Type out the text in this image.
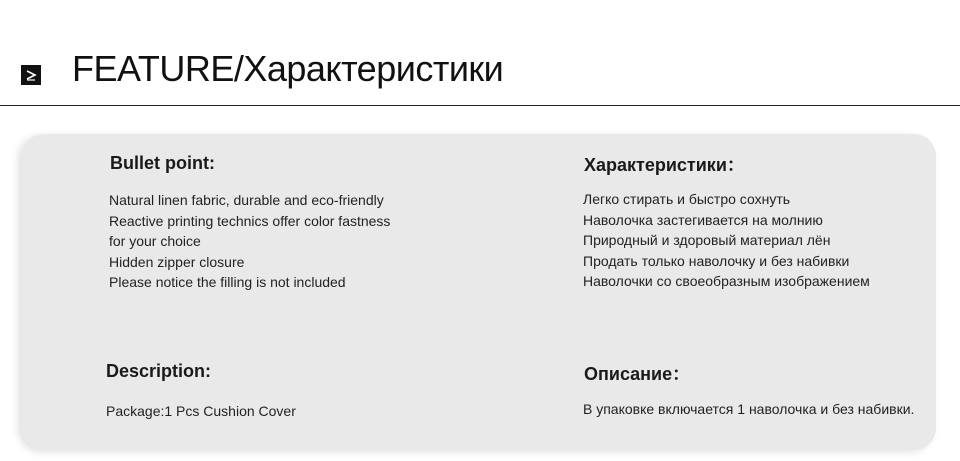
FEATURE/Характеристики
Bullet point:
Natural linen fabric, durable and eco-friendly
Reactive printing technics offer color fastness
for your choice
Hidden zipper closure
Please notice the filling is not included
Характеристики：
Легко стирать и быстро сохнуть
Наволочка застегивается на молнию
Природный и здоровый материал лён
Продать только наволочку и без набивки
Наволочки со своеобразным изображением
Description:
Package:1 Pcs Cushion Cover
Описание：
В упаковке включается 1 наволочка и без набивки.
